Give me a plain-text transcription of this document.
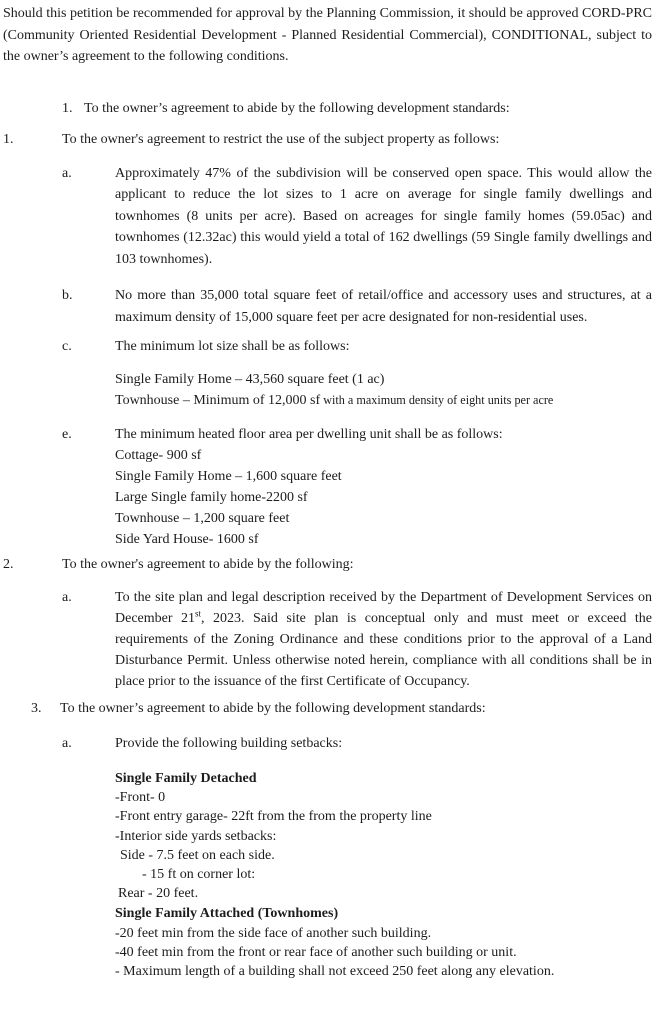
Should this petition be recommended for approval by the Planning Commission, it should be approved CORD-PRC (Community Oriented Residential Development - Planned Residential Commercial), CONDITIONAL, subject to the owner’s agreement to the following conditions.

1. To the owner’s agreement to abide by the following development standards:
1.	To the owner's agreement to restrict the use of the subject property as follows:
a.	Approximately 47% of the subdivision will be conserved open space. This would allow the applicant to reduce the lot sizes to 1 acre on average for single family dwellings and townhomes (8 units per acre). Based on acreages for single family homes (59.05ac) and townhomes (12.32ac) this would yield a total of 162 dwellings (59 Single family dwellings and 103 townhomes).
b.	No more than 35,000 total square feet of retail/office and accessory uses and structures, at a maximum density of 15,000 square feet per acre designated for non-residential uses.
c.	The minimum lot size shall be as follows:
Single Family Home – 43,560 square feet (1 ac)
Townhouse – Minimum of 12,000 sf with a maximum density of eight units per acre
e.	The minimum heated floor area per dwelling unit shall be as follows:
Cottage- 900 sf
Single Family Home – 1,600 square feet
Large Single family home-2200 sf
Townhouse – 1,200 square feet
Side Yard House- 1600 sf
2.	To the owner's agreement to abide by the following:
a.	To the site plan and legal description received by the Department of Development Services on December 21st, 2023. Said site plan is conceptual only and must meet or exceed the requirements of the Zoning Ordinance and these conditions prior to the approval of a Land Disturbance Permit. Unless otherwise noted herein, compliance with all conditions shall be in place prior to the issuance of the first Certificate of Occupancy.
3. To the owner’s agreement to abide by the following development standards:
a.	Provide the following building setbacks:
Single Family Detached
-Front- 0
-Front entry garage- 22ft from the from the property line
-Interior side yards setbacks:
Side - 7.5 feet on each side.
- 15 ft on corner lot:
Rear - 20 feet.
Single Family Attached (Townhomes)
-20 feet min from the side face of another such building.
-40 feet min from the front or rear face of another such building or unit.
- Maximum length of a building shall not exceed 250 feet along any elevation.
